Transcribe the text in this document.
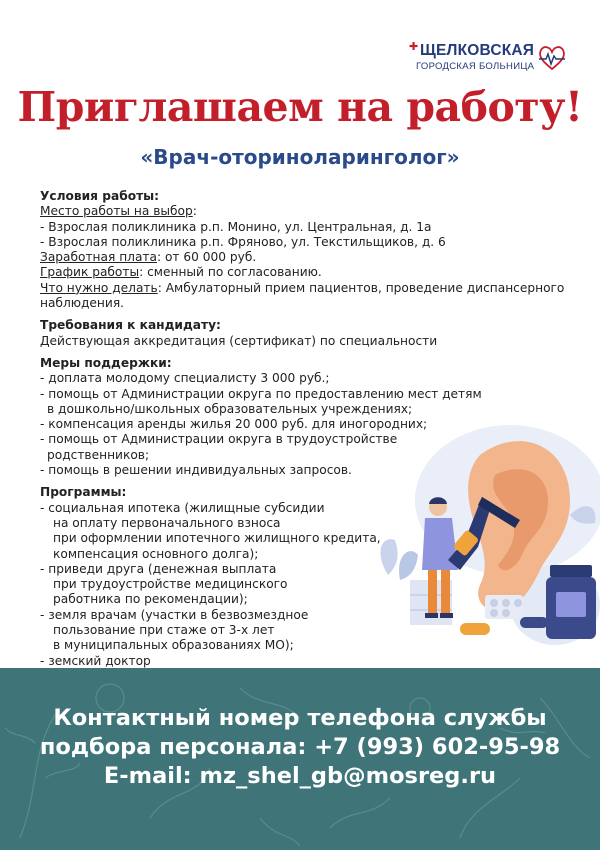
✚ ЩЕЛКОВСКАЯ
ГОРОДСКАЯ БОЛЬНИЦА
Приглашаем на работу!
«Врач-оториноларинголог»
Условия работы:
Место работы на выбор:
- Взрослая поликлиника р.п. Монино, ул. Центральная, д. 1а
- Взрослая поликлиника р.п. Фряново, ул. Текстильщиков, д. 6
Заработная плата: от 60 000 руб.
График работы: сменный по согласованию.
Что нужно делать: Амбулаторный прием пациентов, проведение диспансерного
наблюдения.
Требования к кандидату:
Действующая аккредитация (сертификат) по специальности
Меры поддержки:
- доплата молодому специалисту 3 000 руб.;
- помощь от Администрации округа по предоставлению мест детям
в дошкольно/школьных образовательных учреждениях;
- компенсация аренды жилья 20 000 руб. для иногородних;
- помощь от Администрации округа в трудоустройстве
родственников;
- помощь в решении индивидуальных запросов.
Программы:
- социальная ипотека (жилищные субсидии
на оплату первоначального взноса
при оформлении ипотечного жилищного кредита,
компенсация основного долга);
- приведи друга (денежная выплата
при трудоустройстве медицинского
работника по рекомендации);
- земля врачам (участки в безвозмездное
пользование при стаже от 3-х лет
в муниципальных образованиях МО);
- земский доктор
Контактный номер телефона службы
подбора персонала: +7 (993) 602-95-98
E-mail: mz_shel_gb@mosreg.ru
